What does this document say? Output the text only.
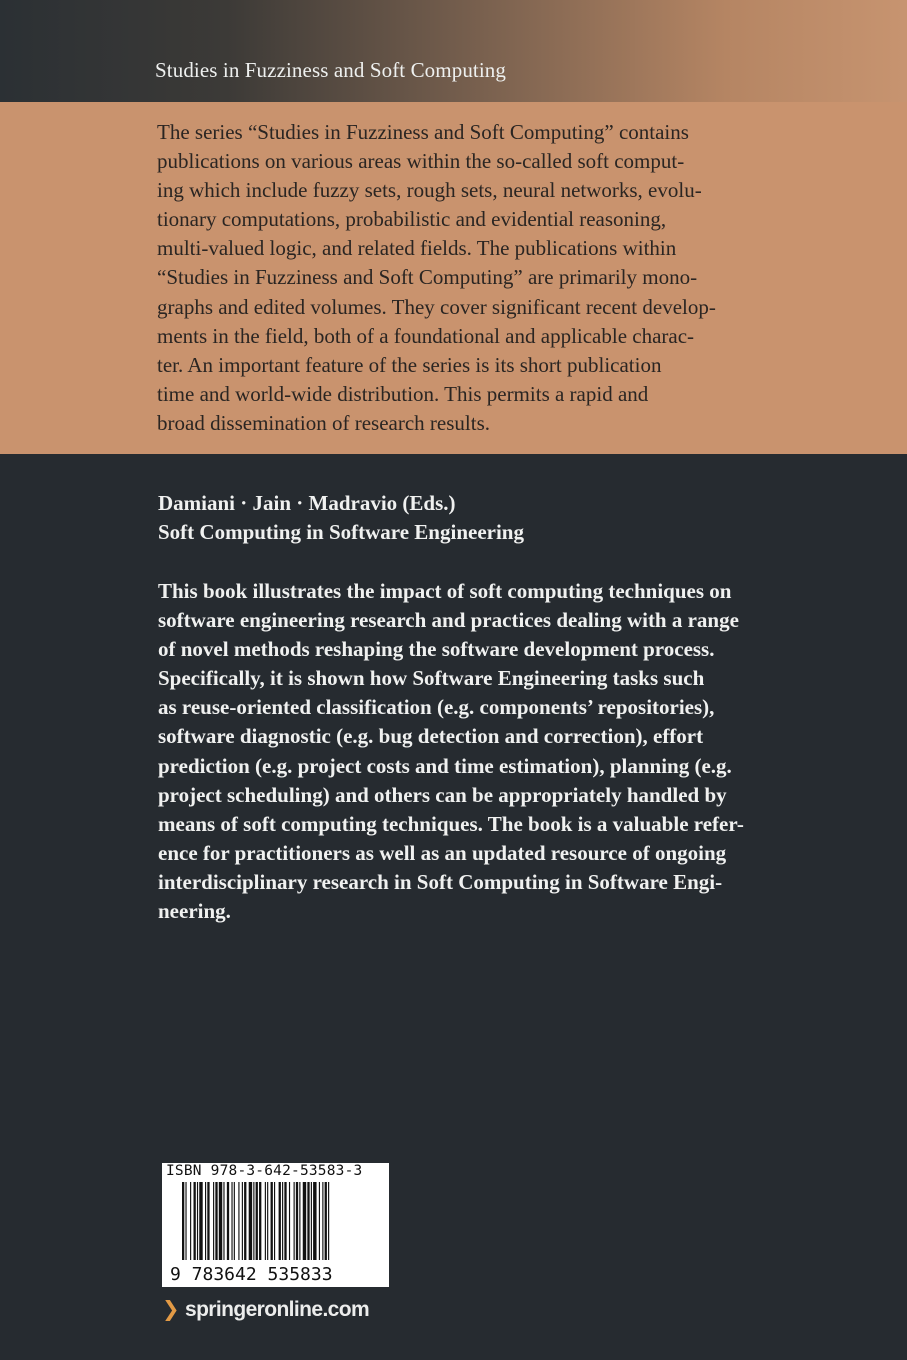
Studies in Fuzziness and Soft Computing
The series “Studies in Fuzziness and Soft Computing” contains
publications on various areas within the so-called soft comput-
ing which include fuzzy sets, rough sets, neural networks, evolu-
tionary computations, probabilistic and evidential reasoning,
multi-valued logic, and related fields. The publications within
“Studies in Fuzziness and Soft Computing” are primarily mono-
graphs and edited volumes. They cover significant recent develop-
ments in the field, both of a foundational and applicable charac-
ter. An important feature of the series is its short publication
time and world-wide distribution. This permits a rapid and
broad dissemination of research results.
Damiani · Jain · Madravio (Eds.)
Soft Computing in Software Engineering
This book illustrates the impact of soft computing techniques on
software engineering research and practices dealing with a range
of novel methods reshaping the software development process.
Specifically, it is shown how Software Engineering tasks such
as reuse-oriented classification (e.g. components’ repositories),
software diagnostic (e.g. bug detection and correction), effort
prediction (e.g. project costs and time estimation), planning (e.g.
project scheduling) and others can be appropriately handled by
means of soft computing techniques. The book is a valuable refer-
ence for practitioners as well as an updated resource of ongoing
interdisciplinary research in Soft Computing in Software Engi-
neering.
ISBN 978-3-642-53583-3
9 783642 535833
❯ springeronline.com
